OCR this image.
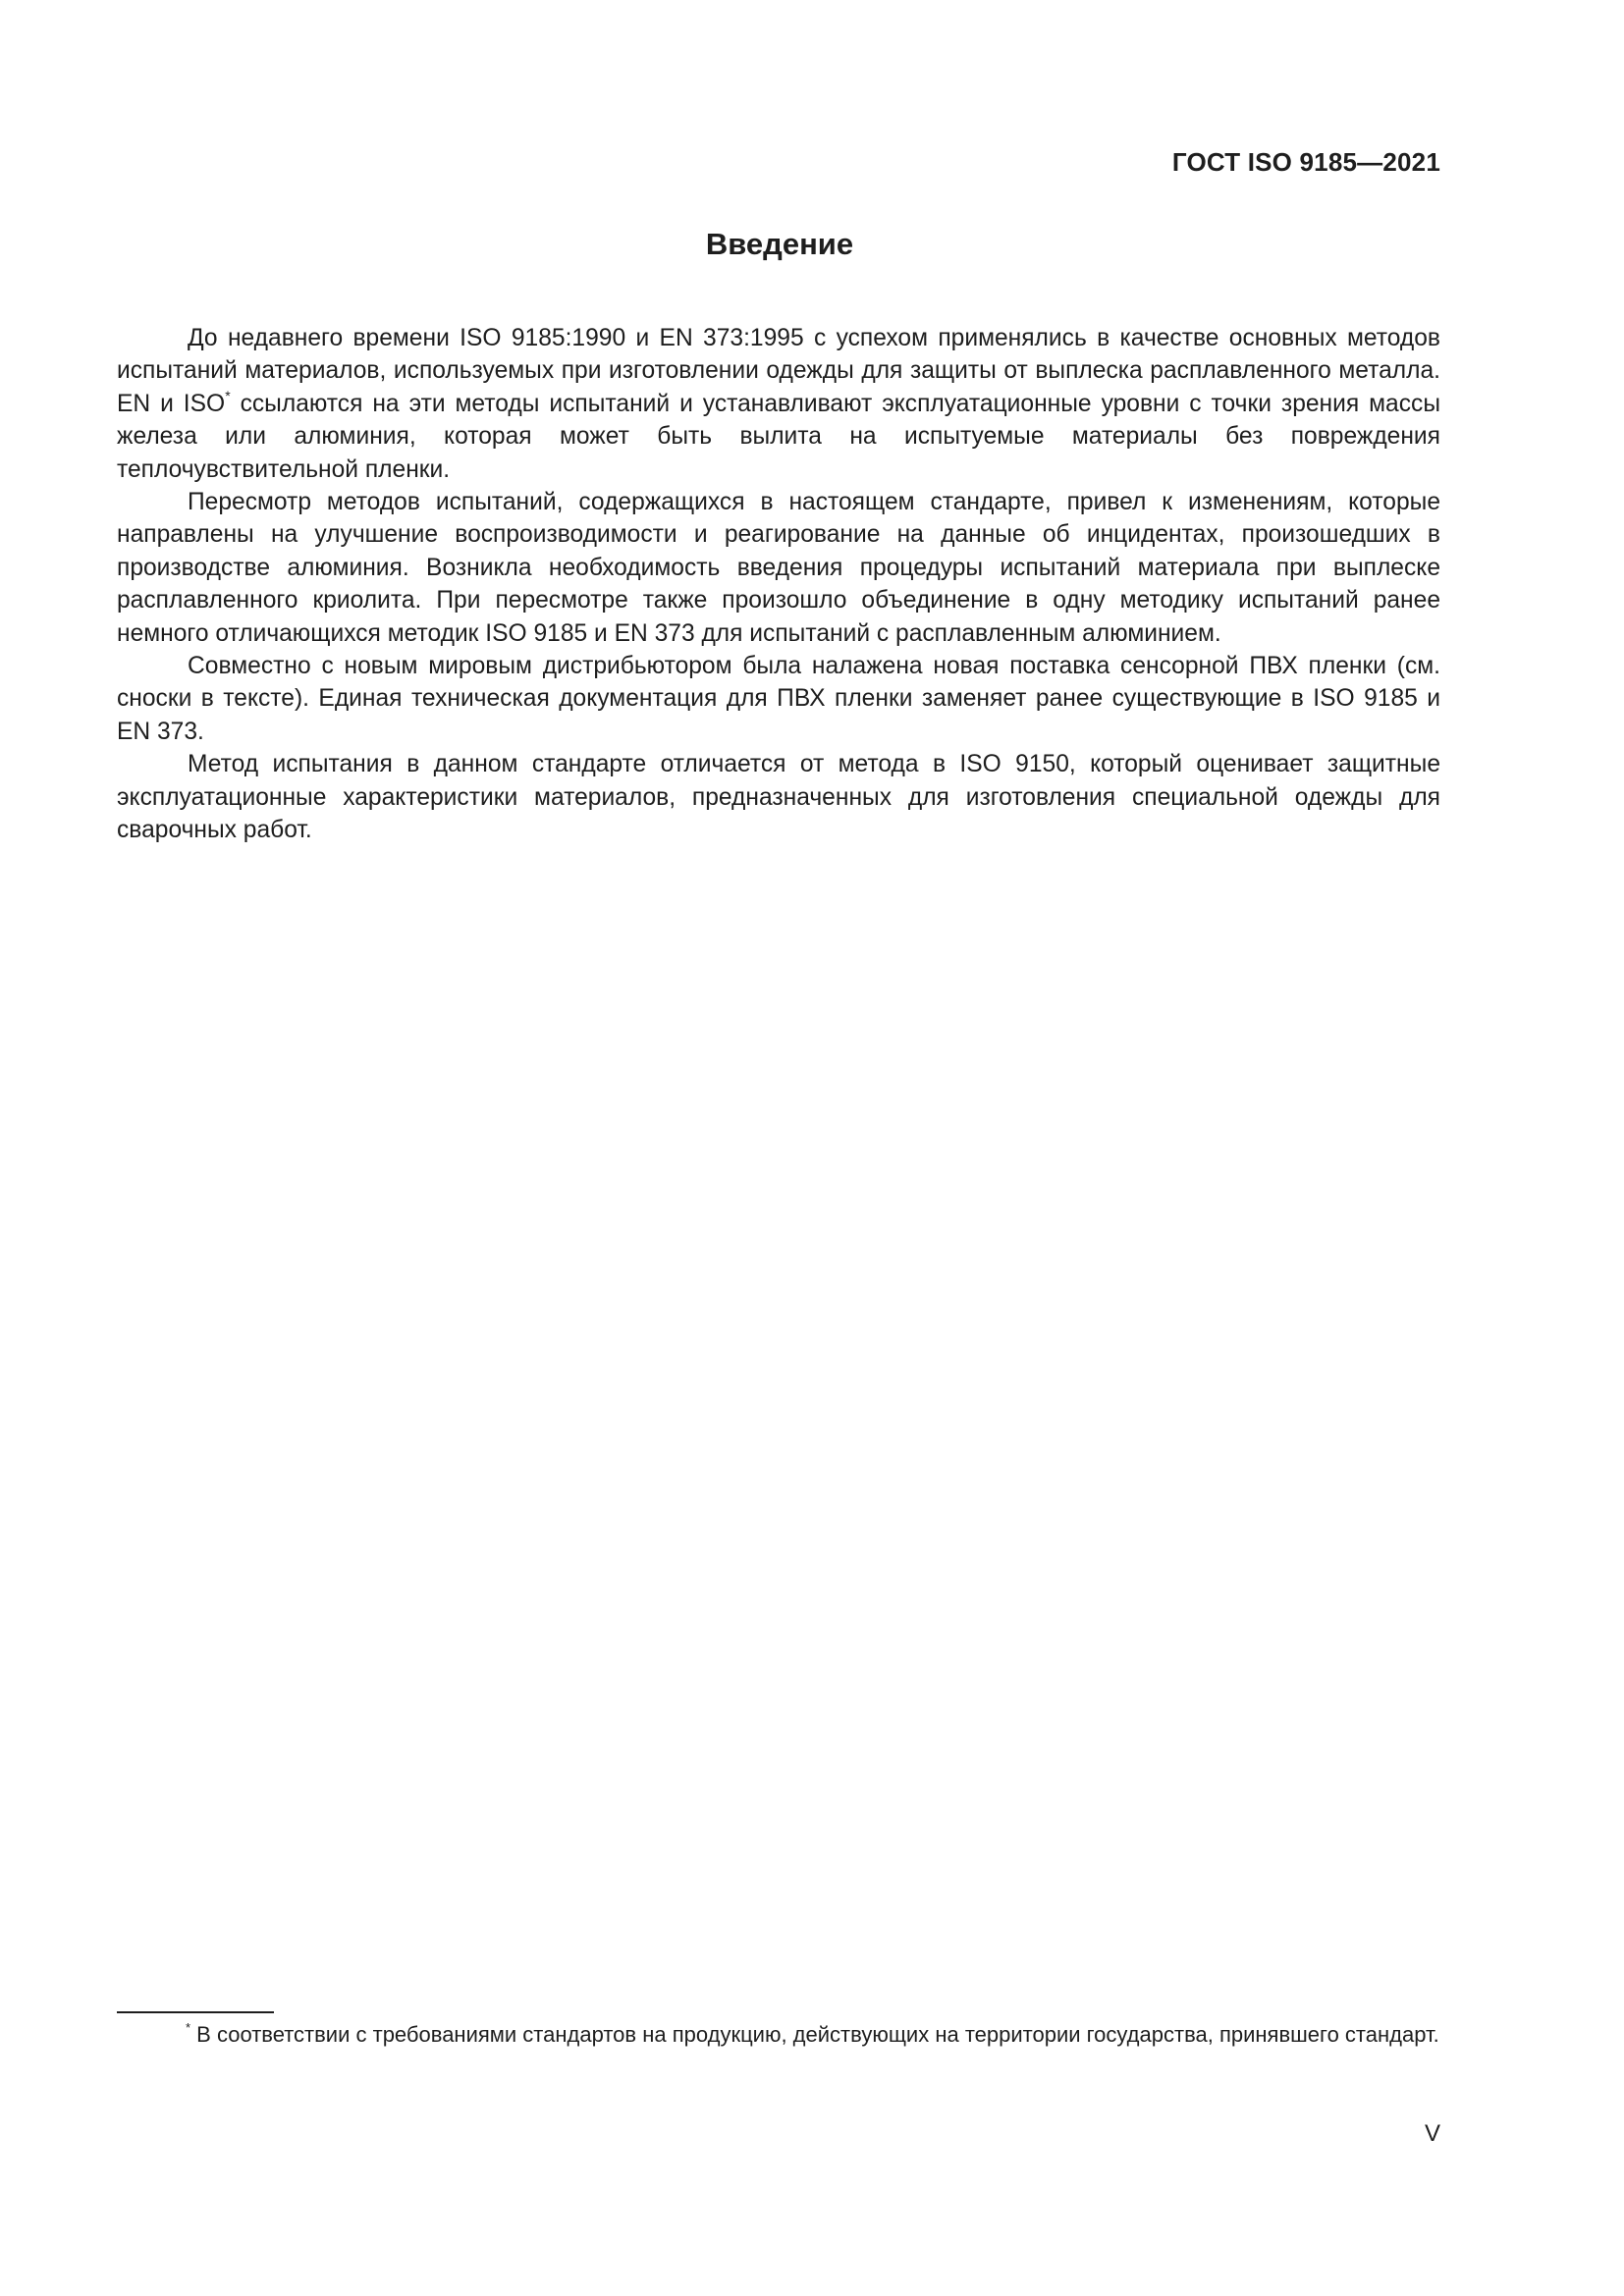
ГОСТ ISO 9185—2021
Введение

До недавнего времени ISO 9185:1990 и EN 373:1995 с успехом применялись в качестве основных методов испытаний материалов, используемых при изготовлении одежды для защиты от выплеска расплавленного металла. EN и ISO* ссылаются на эти методы испытаний и устанавливают эксплуатационные уровни с точки зрения массы железа или алюминия, которая может быть вылита на испытуемые материалы без повреждения теплочувствительной пленки.

Пересмотр методов испытаний, содержащихся в настоящем стандарте, привел к изменениям, которые направлены на улучшение воспроизводимости и реагирование на данные об инцидентах, произошедших в производстве алюминия. Возникла необходимость введения процедуры испытаний материала при выплеске расплавленного криолита. При пересмотре также произошло объединение в одну методику испытаний ранее немного отличающихся методик ISO 9185 и EN 373 для испытаний с расплавленным алюминием.

Совместно с новым мировым дистрибьютором была налажена новая поставка сенсорной ПВХ пленки (см. сноски в тексте). Единая техническая документация для ПВХ пленки заменяет ранее существующие в ISO 9185 и EN 373.

Метод испытания в данном стандарте отличается от метода в ISO 9150, который оценивает защитные эксплуатационные характеристики материалов, предназначенных для изготовления специальной одежды для сварочных работ.

* В соответствии с требованиями стандартов на продукцию, действующих на территории государства, принявшего стандарт.
V
